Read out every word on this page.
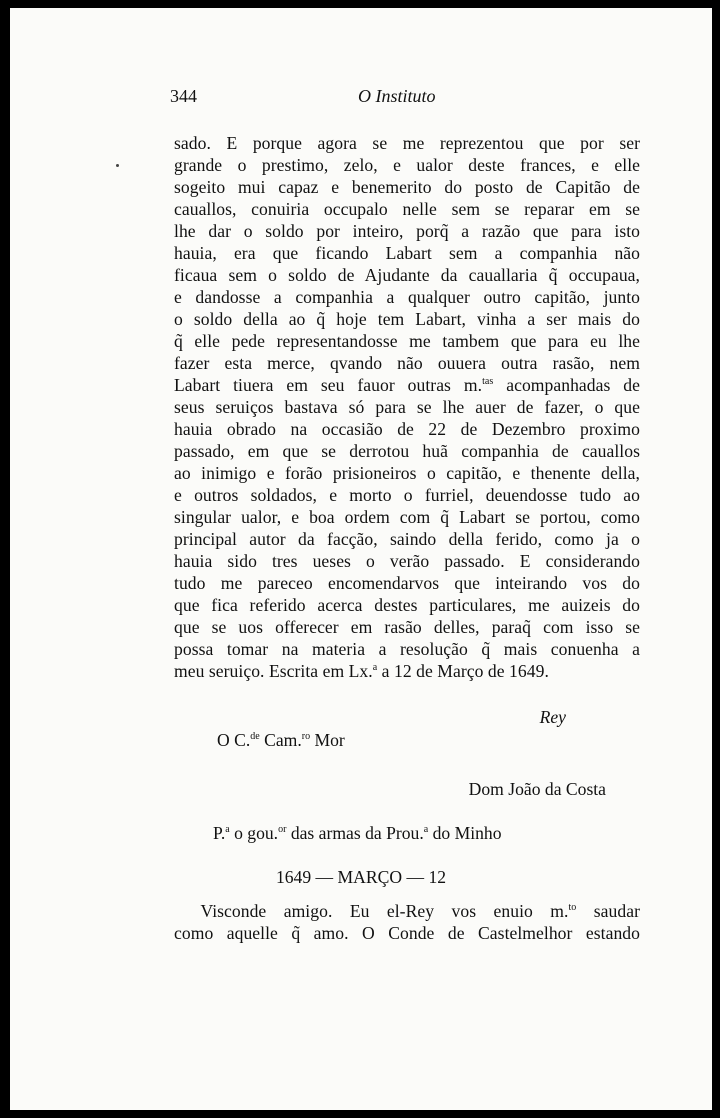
344	O Instituto
sado. E porque agora se me reprezentou que por ser
grande o prestimo, zelo, e ualor deste frances, e elle
sogeito mui capaz e benemerito do posto de Capitão de
cauallos, conuiria occupalo nelle sem se reparar em se
lhe dar o soldo por inteiro, porq̃ a razão que para isto
hauia, era que ficando Labart sem a companhia não
ficaua sem o soldo de Ajudante da cauallaria q̃ occupaua,
e dandosse a companhia a qualquer outro capitão, junto
o soldo della ao q̃ hoje tem Labart, vinha a ser mais do
q̃ elle pede representandosse me tambem que para eu lhe
fazer esta merce, qvando não ouuera outra rasão, nem
Labart tiuera em seu fauor outras m.$^{tas}$ acompanhadas de
seus seruiços bastava só para se lhe auer de fazer, o que
hauia obrado na occasião de 22 de Dezembro proximo
passado, em que se derrotou huã companhia de cauallos
ao inimigo e forão prisioneiros o capitão, e thenente della,
e outros soldados, e morto o furriel, deuendosse tudo ao
singular ualor, e boa ordem com q̃ Labart se portou, como
principal autor da facção, saindo della ferido, como ja o
hauia sido tres ueses o verão passado. E considerando
tudo me pareceo encomendarvos que inteirando vos do
que fica referido acerca destes particulares, me auizeis do
que se uos offerecer em rasão delles, paraq̃ com isso se
possa tomar na materia a resolução q̃ mais conuenha a
meu seruiço. Escrita em Lx.$^a$ a 12 de Março de 1649.
Rey
O C.$^{de}$ Cam.$^{ro}$ Mor
Dom João da Costa
P.$^a$ o gou.$^{or}$ das armas da Prou.$^a$ do Minho
1649 — MARÇO — 12
  Visconde amigo. Eu el-Rey vos enuio m.$^{to}$ saudar
como aquelle q̃ amo. O Conde de Castelmelhor estando
